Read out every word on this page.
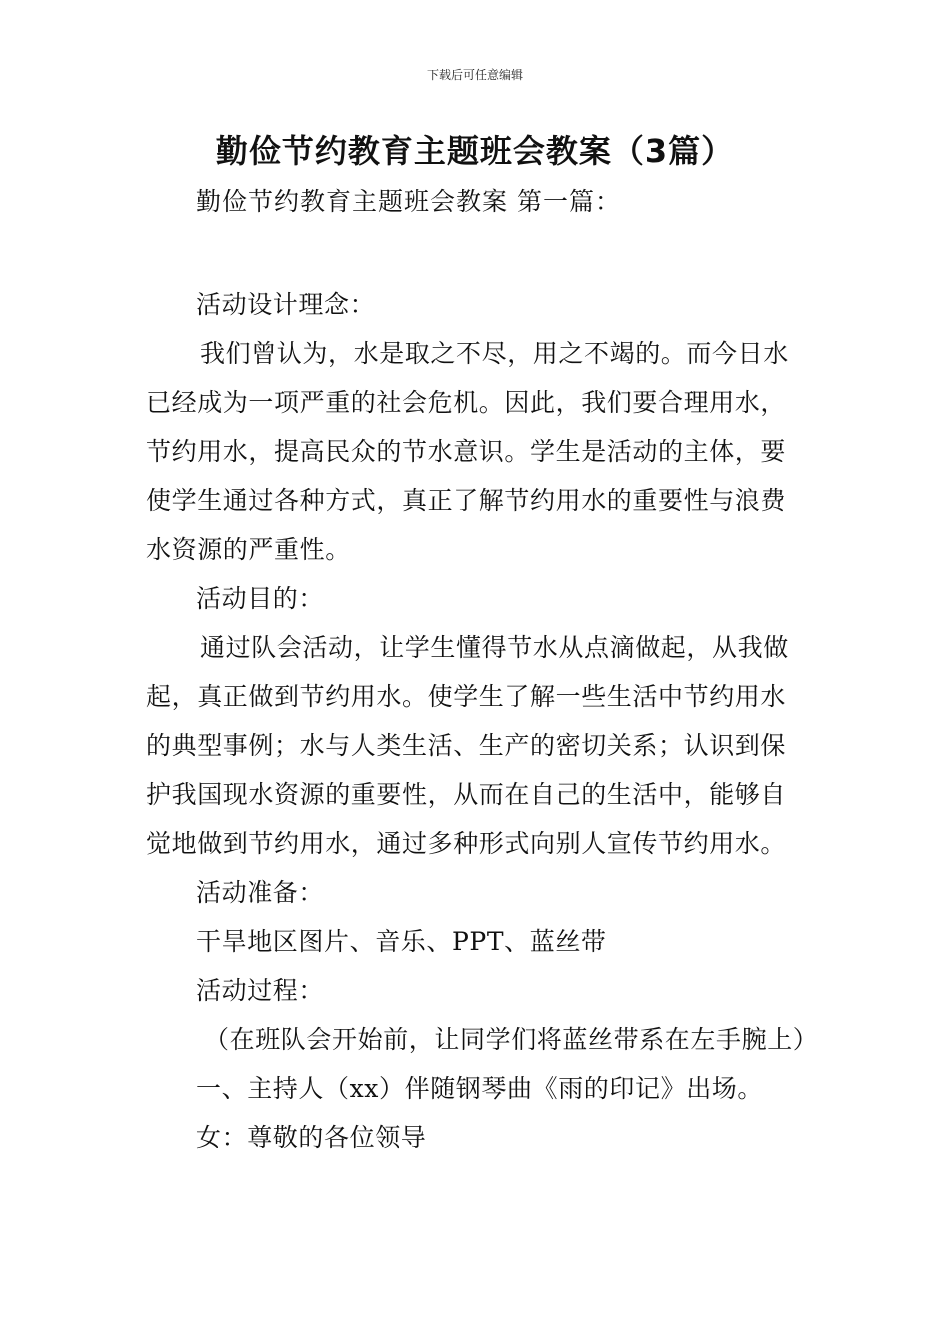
下载后可任意编辑
勤俭节约教育主题班会教案（3篇）
勤俭节约教育主题班会教案 第一篇：

活动设计理念：

我们曾认为，水是取之不尽，用之不竭的。而今日水已经成为一项严重的社会危机。因此，我们要合理用水，节约用水，提高民众的节水意识。学生是活动的主体，要使学生通过各种方式，真正了解节约用水的重要性与浪费水资源的严重性。

活动目的：

通过队会活动，让学生懂得节水从点滴做起，从我做起，真正做到节约用水。使学生了解一些生活中节约用水的典型事例；水与人类生活、生产的密切关系；认识到保护我国现水资源的重要性，从而在自己的生活中，能够自觉地做到节约用水，通过多种形式向别人宣传节约用水。

活动准备：

干旱地区图片、音乐、PPT、蓝丝带

活动过程：

（在班队会开始前，让同学们将蓝丝带系在左手腕上）

一、主持人（xx）伴随钢琴曲《雨的印记》出场。

女：尊敬的各位领导
